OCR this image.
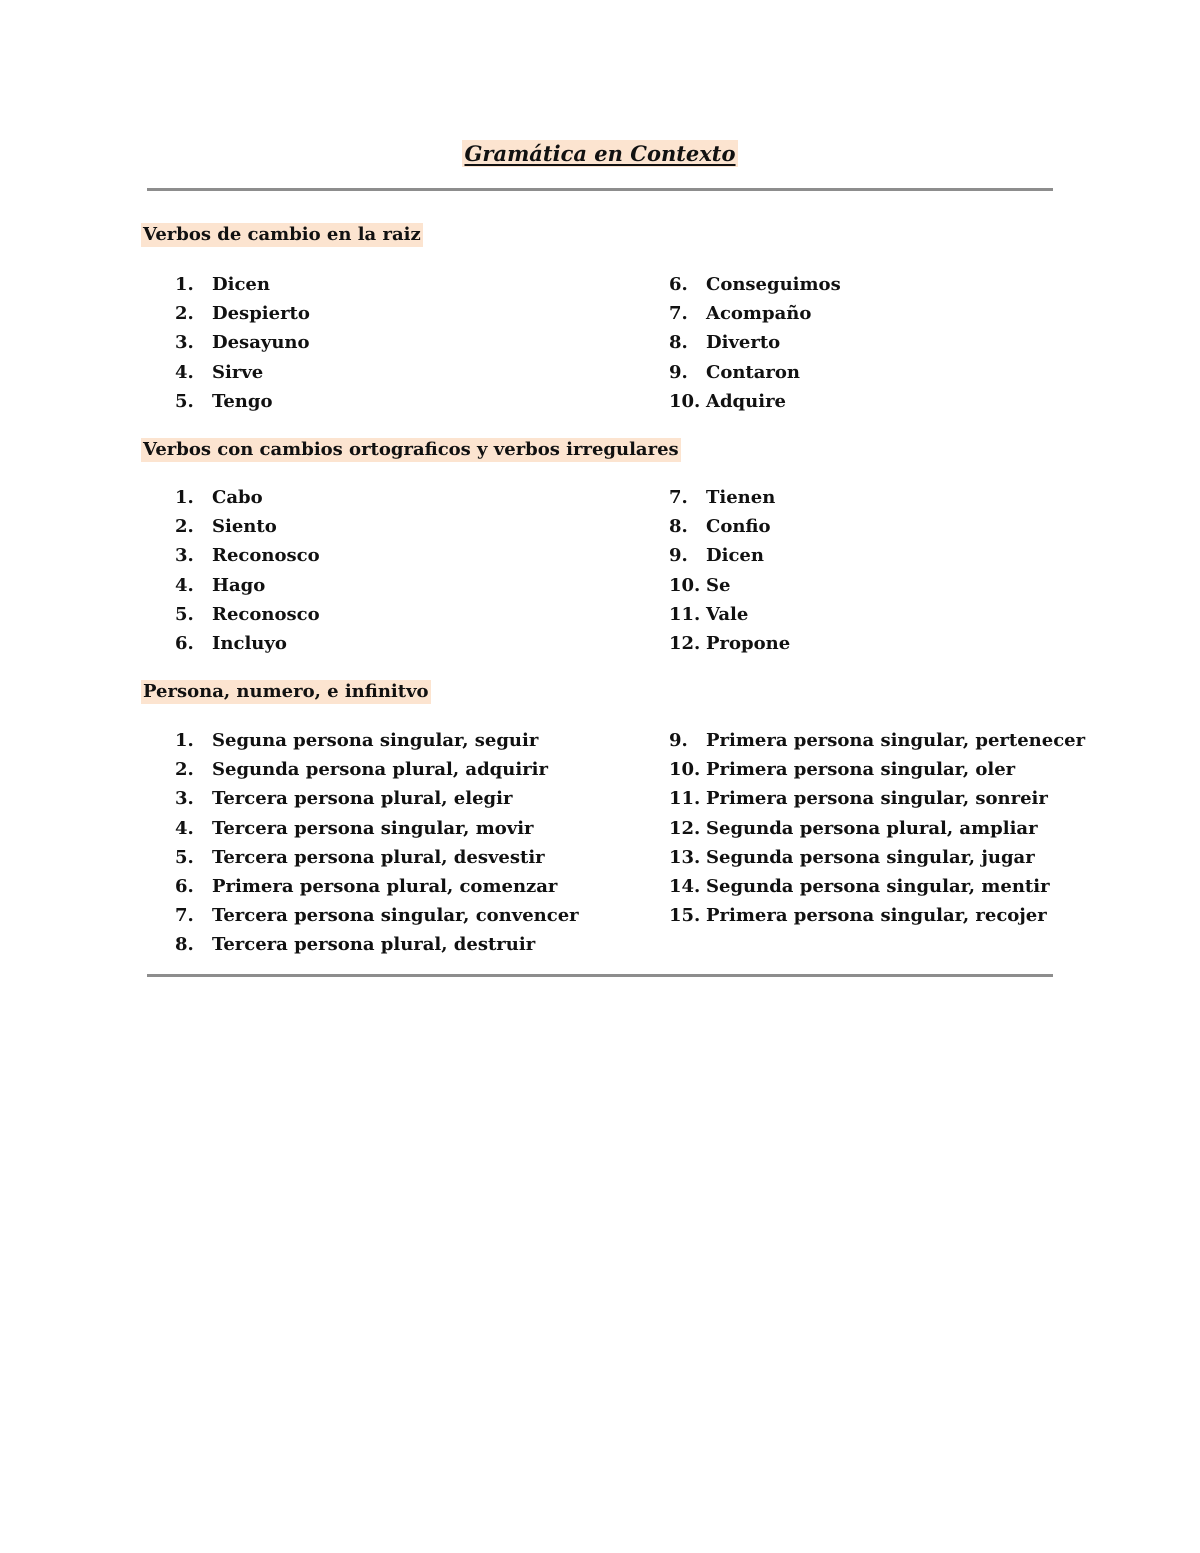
Gramática en Contexto
Verbos de cambio en la raiz
1.	Dicen
2.	Despierto
3.	Desayuno
4.	Sirve
5.	Tengo
6.	Conseguimos
7.	Acompaño
8.	Diverto
9.	Contaron
10. Adquire
Verbos con cambios ortograficos y verbos irregulares
1.	Cabo
2.	Siento
3.	Reconosco
4.	Hago
5.	Reconosco
6.	Incluyo
7.	Tienen
8.	Confio
9.	Dicen
10. Se
11. Vale
12. Propone
Persona, numero, e infinitvo
1.	Seguna persona singular, seguir
2.	Segunda persona plural, adquirir
3.	Tercera persona plural, elegir
4.	Tercera persona singular, movir
5.	Tercera persona plural, desvestir
6.	Primera persona plural, comenzar
7.	Tercera persona singular, convencer
8.	Tercera persona plural, destruir
9.	Primera persona singular, pertenecer
10. Primera persona singular, oler
11. Primera persona singular, sonreir
12. Segunda persona plural, ampliar
13. Segunda persona singular, jugar
14. Segunda persona singular, mentir
15. Primera persona singular, recojer
